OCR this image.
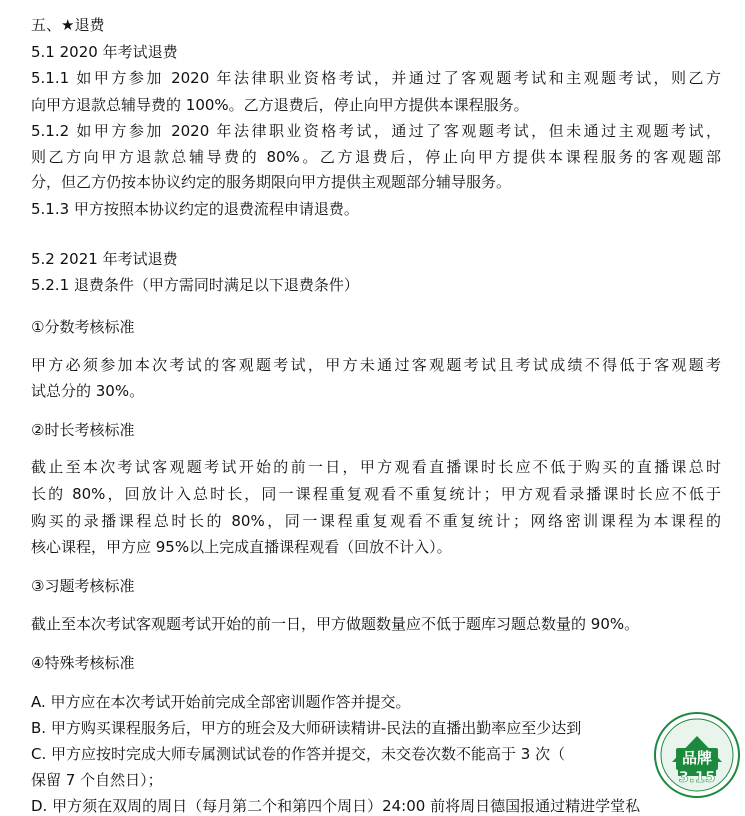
五、★退费
5.1 2020 年考试退费
5.1.1 如甲方参加 2020 年法律职业资格考试，并通过了客观题考试和主观题考试，则乙方
向甲方退款总辅导费的 100%。乙方退费后，停止向甲方提供本课程服务。
5.1.2 如甲方参加 2020 年法律职业资格考试，通过了客观题考试，但未通过主观题考试，
则乙方向甲方退款总辅导费的 80%。乙方退费后，停止向甲方提供本课程服务的客观题部
分，但乙方仍按本协议约定的服务期限向甲方提供主观题部分辅导服务。
5.1.3 甲方按照本协议约定的退费流程申请退费。
5.2 2021 年考试退费
5.2.1 退费条件（甲方需同时满足以下退费条件）
①分数考核标准
甲方必须参加本次考试的客观题考试，甲方未通过客观题考试且考试成绩不得低于客观题考
试总分的 30%。
②时长考核标准
截止至本次考试客观题考试开始的前一日，甲方观看直播课时长应不低于购买的直播课总时
长的 80%，回放计入总时长，同一课程重复观看不重复统计；甲方观看录播课时长应不低于
购买的录播课程总时长的 80%，同一课程重复观看不重复统计；网络密训课程为本课程的
核心课程，甲方应 95%以上完成直播课程观看（回放不计入）。
③习题考核标准
截止至本次考试客观题考试开始的前一日，甲方做题数量应不低于题库习题总数量的 90%。
④特殊考核标准
A. 甲方应在本次考试开始前完成全部密训题作答并提交。
B. 甲方购买课程服务后，甲方的班会及大师研读精讲-民法的直播出勤率应至少达到
C. 甲方应按时完成大师专属测试试卷的作答并提交，未交卷次数不能高于 3 次（
保留 7 个自然日）；
D. 甲方须在双周的周日（每月第二个和第四个周日）24:00 前将周日德国报通过精进学堂私
品牌
3.15
